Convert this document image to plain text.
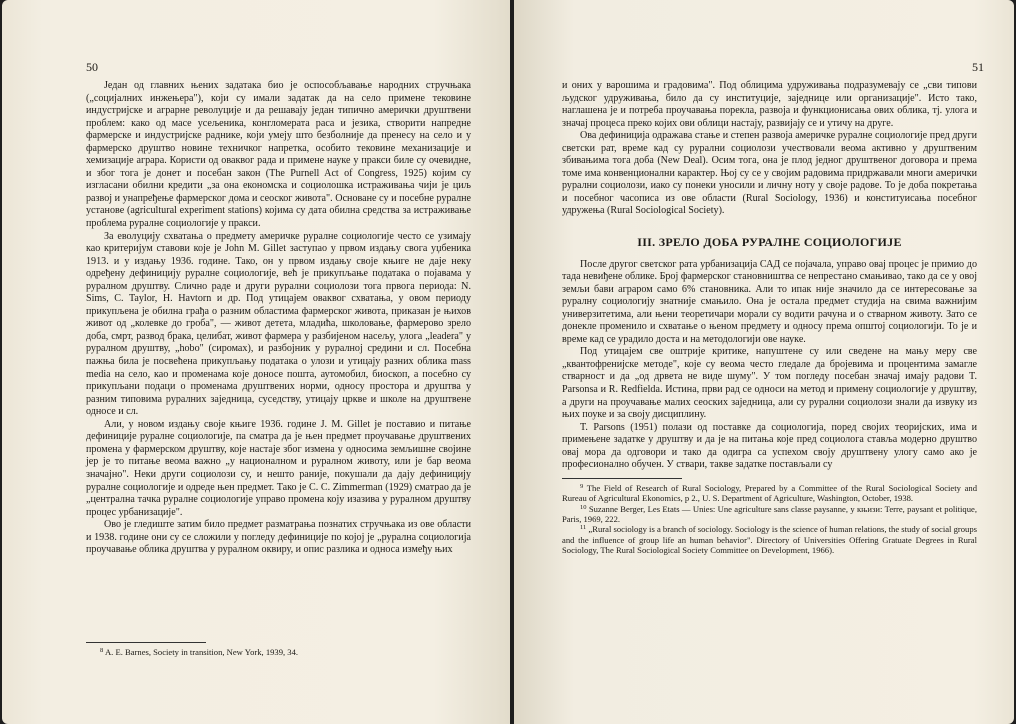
50

Један од главних њених задатака био је оспособљавање народних стручњака („социјалних инжењера"), који су имали задатак да на село примене тековине индустријске и аграрне револуције и да решавају један типично амерички друштвени проблем: како од масе усељеника, конгломерата раса и језика, створити напредне фармерске и индустријске раднике, који умеју што безболније да пренесу на село и у фармерско друштво новине техничког напретка, особито тековине механизације и хемизације аграра. Користи од оваквог рада и примене науке у пракси биле су очевидне, и због тога је донет и посебан закон (The Purnell Act of Congress, 1925) којим су изгласани обилни кредити „за она економска и социолошка истраживања чији је циљ развој и унапређење фармерског дома и сеоског живота". Основане су и посебне руралне установе (agricultural experiment stations) којима су дата обилна средства за истраживање проблема руралне социологије у пракси.

За еволуцију схватања о предмету америчке руралне социологије често се узимају као критеријум ставови које је John M. Gillet заступао у првом издању свога уџбеника 1913. и у издању 1936. године. Тако, он у првом издању своје књиге не даје неку одређену дефиницију руралне социологије, већ је прикупљање података о појавама у руралном друштву. Слично раде и други рурални социолози тога првога периода: N. Sims, C. Taylor, H. Havtorn и др. Под утицајем оваквог схватања, у овом периоду прикупљена је обилна грађа о разним областима фармерског живота, приказан је њихов живот од „колевке до гроба", — живот детета, младића, школовање, фармерово зрело доба, смрт, развод брака, целибат, живот фармера у разбијеном насељу, улога „leadera" у руралном друштву, „hobo" (сиромах), и разбојник у руралној средини и сл. Посебна пажња била је посвећена прикупљању података о улози и утицају разних облика mass media на село, као и променама које доносе пошта, аутомобил, биоскоп, а посебно су прикупљани подаци о променама друштвених норми, односу простора и друштва у разним типовима руралних заједница, суседству, утицају цркве и школе на друштвене односе и сл.

Али, у новом издању своје књиге 1936. године J. M. Gillet је поставио и питање дефиниције руралне социологије, па сматра да је њен предмет проучавање друштвених промена у фармерском друштву, које настаје због измена у односима земљишне својине јер је то питање веома важно „у националном и руралном животу, или је бар веома значајно". Неки други социолози су, и нешто раније, покушали да дају дефиницију руралне социологије и одреде њен предмет. Тако је C. C. Zimmerman (1929) сматрао да је „централна тачка руралне социологије управо промена коју изазива у руралном друштву процес урбанизације".

Ово је гледиште затим било предмет разматрања познатих стручњака из ове области и 1938. године они су се сложили у погледу дефиниције по којој је „рурална социологија проучавање облика друштва у руралном оквиру, и опис разлика и односа између њих

$^8$ A. E. Barnes, Society in transition, New York, 1939, 34.

51

и оних у варошима и градовима". Под облицима удруживања подразумевају се „сви типови људског удруживања, било да су институције, заједнице или организације". Исто тако, наглашена је и потреба проучавања порекла, развоја и функционисања ових облика, тј. улога и значај процеса преко којих ови облици настају, развијају се и утичу на друге.

Ова дефиниција одражава стање и степен развоја америчке руралне социологије пред други светски рат, време кад су рурални социолози учествовали веома активно у друштвеним збивањима тога доба (New Deal). Осим тога, она је плод једног друштвеног договора и према томе има конвенционални карактер. Њој су се у својим радовима придржавали многи амерички рурални социолози, иако су понеки уносили и личну ноту у своје радове. То је доба покретања и посебног часописа из ове области (Rural Sociology, 1936) и конституисања посебног удружења (Rural Sociological Society).

III. ЗРЕЛО ДОБА РУРАЛНЕ СОЦИОЛОГИЈЕ

После другог светског рата урбанизација САД се појачала, управо овај процес је примио до тада невиђене облике. Број фармерског становништва се непрестано смањивао, тако да се у овој земљи бави аграром само 6% становника. Али то ипак није значило да се интересовање за руралну социологију знатније смањило. Она је остала предмет студија на свима важнијим универзитетима, али њени теоретичари морали су водити рачуна и о стварном животу. Зато се донекле променило и схватање о њеном предмету и односу према општој социологији. То је и време кад се урадило доста и на методологији ове науке.

Под утицајем све оштрије критике, напуштене су или сведене на мању меру све „квантофренијске методе", које су веома често гледале да бројевима и процентима замагле стварност и да „од дрвета не виде шуму". У том погледу посебан значај имају радови T. Parsonsa и R. Redfielda. Истина, први рад се односи на метод и примену социологије у друштву, а други на проучавање малих сеоских заједница, али су рурални социолози знали да извуку из њих поуке и за своју дисциплину.

T. Parsons (1951) полази од поставке да социологија, поред својих теоријских, има и примењене задатке у друштву и да је на питања које пред социолога ставља модерно друштво овај мора да одговори и тако да одигра са успехом своју друштвену улогу само ако је професионално обучен. У ствари, такве задатке постављали су

$^9$ The Field of Research of Rural Sociology, Prepared by a Committee of the Rural Sociological Society and Rureau of Agricultural Ekonomics, p 2., U. S. Department of Agriculture, Washington, October, 1938.

$^{10}$ Suzanne Berger, Les Etats — Unies: Une agriculture sans classe paysanne, у књизи: Terre, paysant et politique, Paris, 1969, 222.

$^{11}$ „Rural sociology is a branch of sociology. Sociology is the science of human relations, the study of social groups and the influence of group life an human behavior". Directory of Universities Offering Gratuate Degrees in Rural Sociology, The Rural Sociological Society Committee on Development, 1966).
